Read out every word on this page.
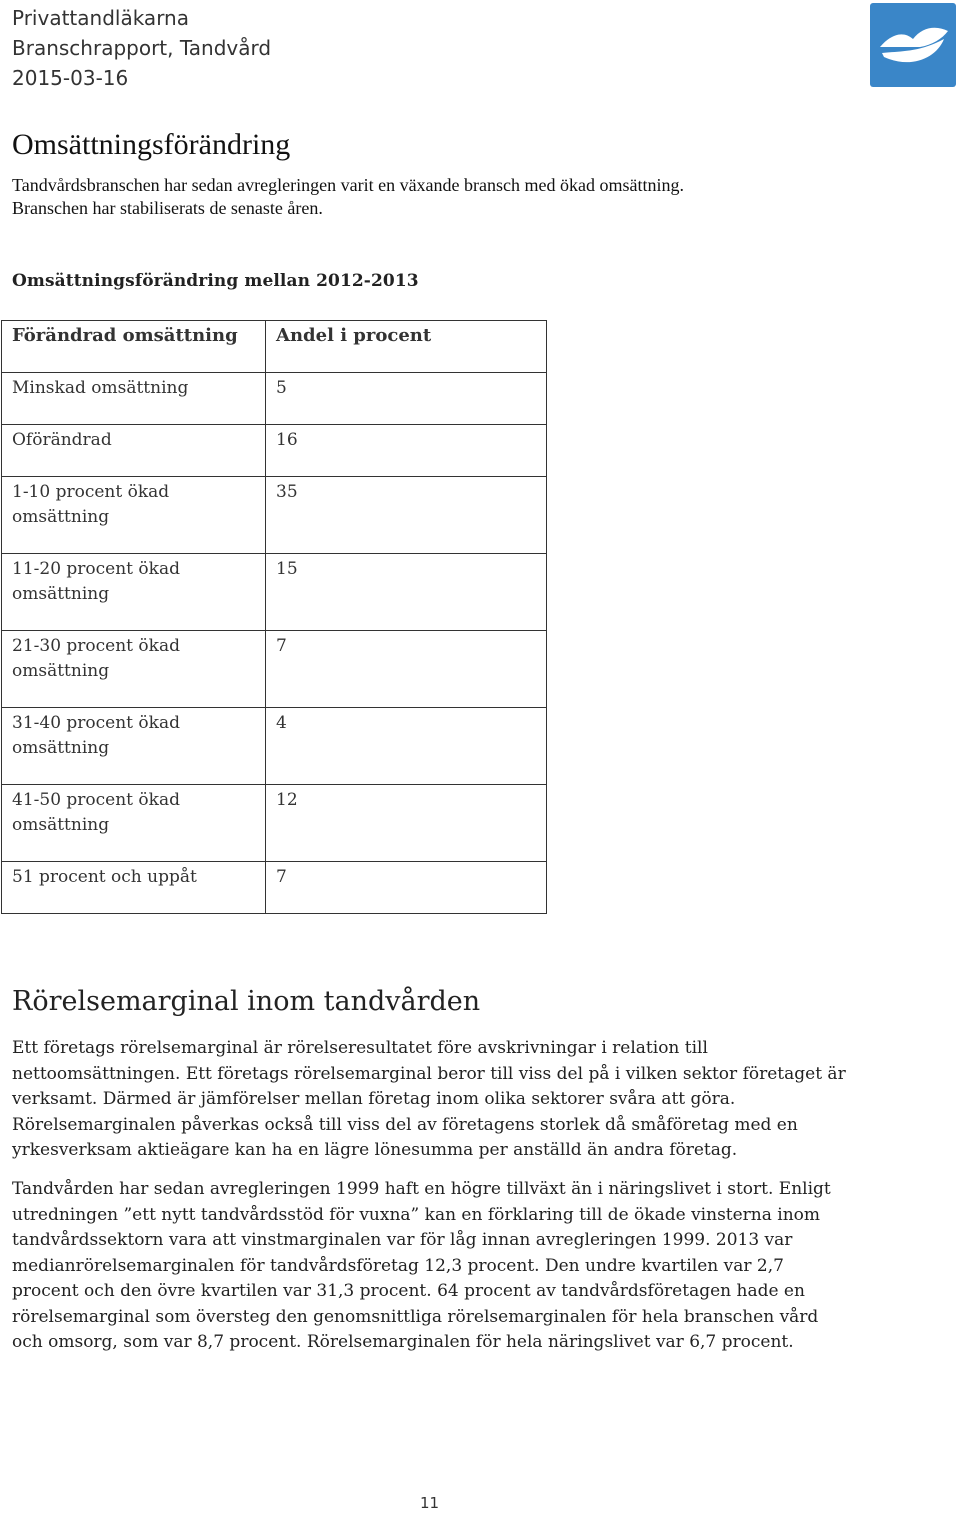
Privattandläkarna
Branschrapport, Tandvård
2015-03-16
Omsättningsförändring
Tandvårdsbranschen har sedan avregleringen varit en växande bransch med ökad omsättning.
Branschen har stabiliserats de senaste åren.
Omsättningsförändring mellan 2012-2013
Förändrad omsättning	Andel i procent
Minskad omsättning	5
Oförändrad	16
1-10 procent ökad omsättning	35
11-20 procent ökad omsättning	15
21-30 procent ökad omsättning	7
31-40 procent ökad omsättning	4
41-50 procent ökad omsättning	12
51 procent och uppåt	7
Rörelsemarginal inom tandvården
Ett företags rörelsemarginal är rörelseresultatet före avskrivningar i relation till
nettoomsättningen. Ett företags rörelsemarginal beror till viss del på i vilken sektor företaget är
verksamt. Därmed är jämförelser mellan företag inom olika sektorer svåra att göra.
Rörelsemarginalen påverkas också till viss del av företagens storlek då småföretag med en
yrkesverksam aktieägare kan ha en lägre lönesumma per anställd än andra företag.
Tandvården har sedan avregleringen 1999 haft en högre tillväxt än i näringslivet i stort. Enligt
utredningen ”ett nytt tandvårdsstöd för vuxna” kan en förklaring till de ökade vinsterna inom
tandvårdssektorn vara att vinstmarginalen var för låg innan avregleringen 1999. 2013 var
medianrörelsemarginalen för tandvårdsföretag 12,3 procent. Den undre kvartilen var 2,7
procent och den övre kvartilen var 31,3 procent. 64 procent av tandvårdsföretagen hade en
rörelsemarginal som översteg den genomsnittliga rörelsemarginalen för hela branschen vård
och omsorg, som var 8,7 procent. Rörelsemarginalen för hela näringslivet var 6,7 procent.
11
